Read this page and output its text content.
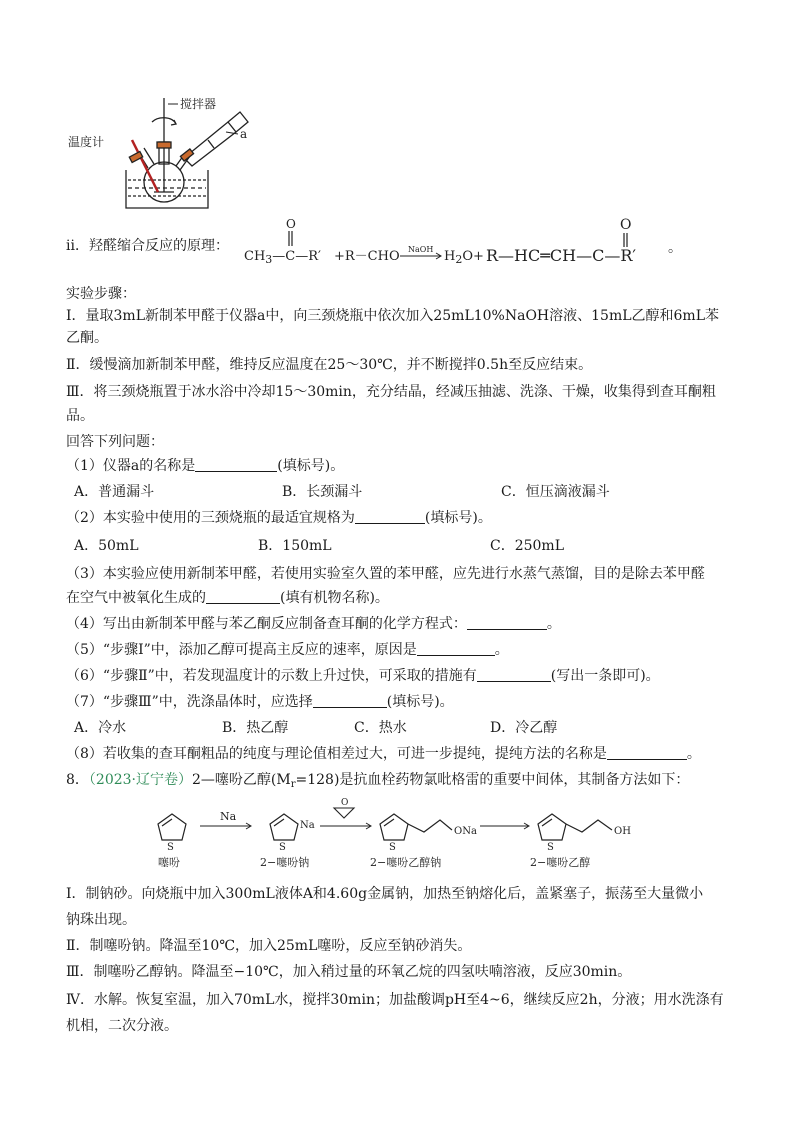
搅拌器
温度计
a
ii．羟醛缩合反应的原理：
O
$CH_3—C—R' +R-CHO$ NaOH $H_2O+$ R—HC═CH—C—R′
O
。
实验步骤：
Ⅰ．量取3mL新制苯甲醛于仪器a中，向三颈烧瓶中依次加入25mL10%NaOH溶液、15mL乙醇和6mL苯
乙酮。
Ⅱ．缓慢滴加新制苯甲醛，维持反应温度在25～30℃，并不断搅拌0.5h至反应结束。
Ⅲ．将三颈烧瓶置于冰水浴中冷却15～30min，充分结晶，经减压抽滤、洗涤、干燥，收集得到查耳酮粗
品。
回答下列问题：
（1）仪器a的名称是	(填标号)。
A．普通漏斗	B．长颈漏斗	C．恒压滴液漏斗
（2）本实验中使用的三颈烧瓶的最适宜规格为	(填标号)。
A．50mL	B．150mL	C．250mL
（3）本实验应使用新制苯甲醛，若使用实验室久置的苯甲醛，应先进行水蒸气蒸馏，目的是除去苯甲醛
在空气中被氧化生成的	(填有机物名称)。
（4）写出由新制苯甲醛与苯乙酮反应制备查耳酮的化学方程式：	。
（5）“步骤Ⅰ”中，添加乙醇可提高主反应的速率，原因是	。
（6）“步骤Ⅱ”中，若发现温度计的示数上升过快，可采取的措施有	(写出一条即可)。
（7）“步骤Ⅲ”中，洗涤晶体时，应选择	(填标号)。
A．冷水	B．热乙醇	C．热水	D．冷乙醇
（8）若收集的查耳酮粗品的纯度与理论值相差过大，可进一步提纯，提纯方法的名称是	。
8．（2023·辽宁卷）2—噻吩乙醇$(M_r=128)$是抗血栓药物氯吡格雷的重要中间体，其制备方法如下：
S
噻吩
Na
S
Na
2−噻吩钠
O
S
ONa
2−噻吩乙醇钠
S
OH
2−噻吩乙醇
Ⅰ．制钠砂。向烧瓶中加入300mL液体A和4.60g金属钠，加热至钠熔化后，盖紧塞子，振荡至大量微小
钠珠出现。
Ⅱ．制噻吩钠。降温至10℃，加入25mL噻吩，反应至钠砂消失。
Ⅲ．制噻吩乙醇钠。降温至−10℃，加入稍过量的环氧乙烷的四氢呋喃溶液，反应30min。
Ⅳ．水解。恢复室温，加入70mL水，搅拌30min；加盐酸调pH至4~6，继续反应2h，分液；用水洗涤有
机相，二次分液。
